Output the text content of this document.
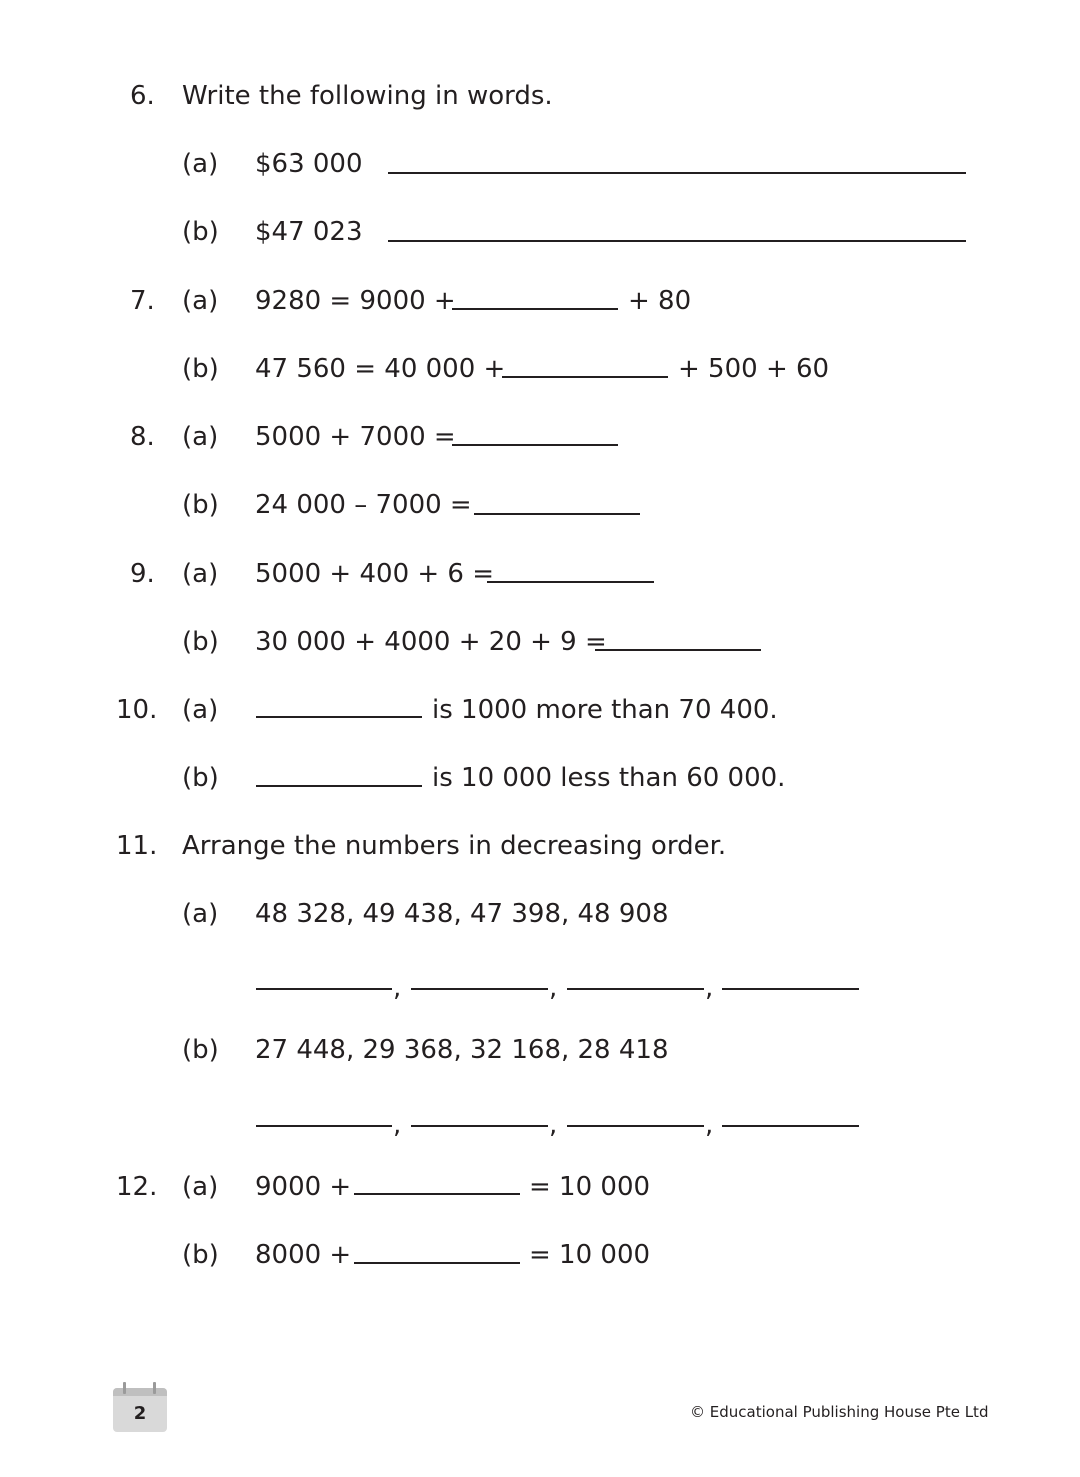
6. Write the following in words.
(a) $63 000
(b) $47 023
7. (a) 9280 = 9000 +	+ 80
(b) 47 560 = 40 000 +	+ 500 + 60
8. (a) 5000 + 7000 =
(b) 24 000 – 7000 =
9. (a) 5000 + 400 + 6 =
(b) 30 000 + 4000 + 20 + 9 =
10. (a)	is 1000 more than 70 400.
(b)	is 10 000 less than 60 000.
11. Arrange the numbers in decreasing order.
(a) 48 328, 49 438, 47 398, 48 908
,	,	,
(b) 27 448, 29 368, 32 168, 28 418
,	,	,
12. (a) 9000 +	= 10 000
(b) 8000 +	= 10 000
2	© Educational Publishing House Pte Ltd
